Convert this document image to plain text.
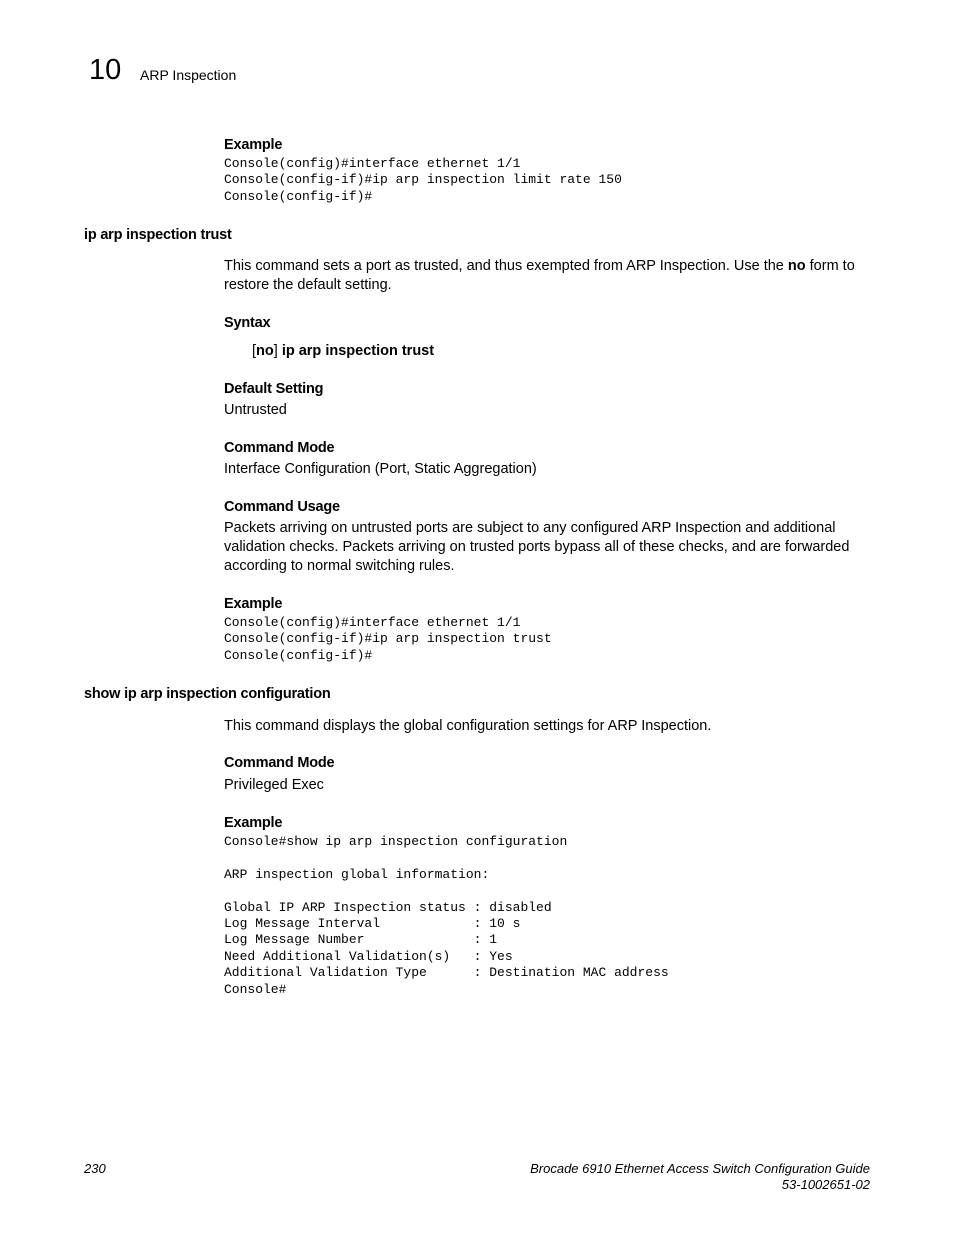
10 ARP Inspection
Example
Console(config)#interface ethernet 1/1
Console(config-if)#ip arp inspection limit rate 150
Console(config-if)#
ip arp inspection trust
This command sets a port as trusted, and thus exempted from ARP Inspection. Use the no form to restore the default setting.
Syntax
[no] ip arp inspection trust
Default Setting
Untrusted
Command Mode
Interface Configuration (Port, Static Aggregation)
Command Usage
Packets arriving on untrusted ports are subject to any configured ARP Inspection and additional validation checks. Packets arriving on trusted ports bypass all of these checks, and are forwarded according to normal switching rules.
Example
Console(config)#interface ethernet 1/1
Console(config-if)#ip arp inspection trust
Console(config-if)#
show ip arp inspection configuration
This command displays the global configuration settings for ARP Inspection.
Command Mode
Privileged Exec
Example
Console#show ip arp inspection configuration

ARP inspection global information:

Global IP ARP Inspection status : disabled
Log Message Interval            : 10 s
Log Message Number              : 1
Need Additional Validation(s)   : Yes
Additional Validation Type      : Destination MAC address
Console#
230	Brocade 6910 Ethernet Access Switch Configuration Guide
53-1002651-02
